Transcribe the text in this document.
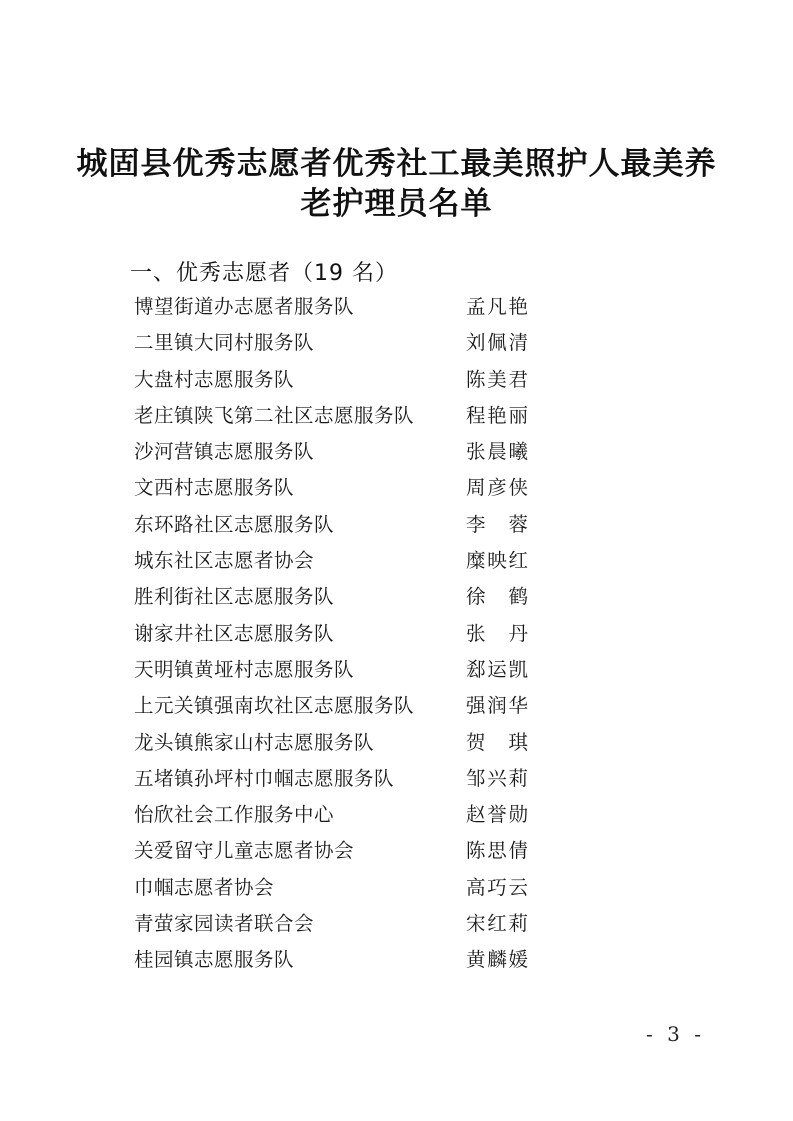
城固县优秀志愿者优秀社工最美照护人最美养
老护理员名单
一、优秀志愿者（19 名）
博望街道办志愿者服务队	孟凡艳
二里镇大同村服务队	刘佩清
大盘村志愿服务队	陈美君
老庄镇陕飞第二社区志愿服务队	程艳丽
沙河营镇志愿服务队	张晨曦
文西村志愿服务队	周彦侠
东环路社区志愿服务队	李蓉
城东社区志愿者协会	糜映红
胜利街社区志愿服务队	徐鹤
谢家井社区志愿服务队	张丹
天明镇黄垭村志愿服务队	郄运凯
上元关镇强南坎社区志愿服务队	强润华
龙头镇熊家山村志愿服务队	贺琪
五堵镇孙坪村巾帼志愿服务队	邹兴莉
怡欣社会工作服务中心	赵誉勋
关爱留守儿童志愿者协会	陈思倩
巾帼志愿者协会	高巧云
青萤家园读者联合会	宋红莉
桂园镇志愿服务队	黄麟媛
- 3 -
